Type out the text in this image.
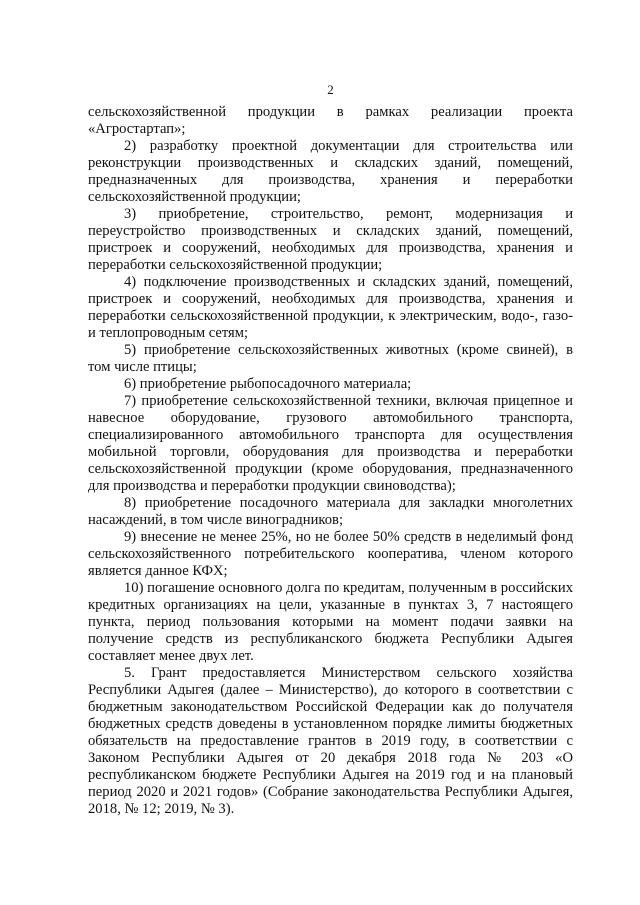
2

сельскохозяйственной продукции в рамках реализации проекта «Агростартап»;

2) разработку проектной документации для строительства или реконструкции производственных и складских зданий, помещений, предназначенных для производства, хранения и переработки сельскохозяйственной продукции;

3) приобретение, строительство, ремонт, модернизация и переустройство производственных и складских зданий, помещений, пристроек и сооружений, необходимых для производства, хранения и переработки сельскохозяйственной продукции;

4) подключение производственных и складских зданий, помещений, пристроек и сооружений, необходимых для производства, хранения и переработки сельскохозяйственной продукции, к электрическим, водо-, газо- и теплопроводным сетям;

5) приобретение сельскохозяйственных животных (кроме свиней), в том числе птицы;

6) приобретение рыбопосадочного материала;

7) приобретение сельскохозяйственной техники, включая прицепное и навесное оборудование, грузового автомобильного транспорта, специализированного автомобильного транспорта для осуществления мобильной торговли, оборудования для производства и переработки сельскохозяйственной продукции (кроме оборудования, предназначенного для производства и переработки продукции свиноводства);

8) приобретение посадочного материала для закладки многолетних насаждений, в том числе виноградников;

9) внесение не менее 25%, но не более 50% средств в неделимый фонд сельскохозяйственного потребительского кооператива, членом которого является данное КФХ;

10) погашение основного долга по кредитам, полученным в российских кредитных организациях на цели, указанные в пунктах 3, 7 настоящего пункта, период пользования которыми на момент подачи заявки на получение средств из республиканского бюджета Республики Адыгея составляет менее двух лет.

5. Грант предоставляется Министерством сельского хозяйства Республики Адыгея (далее – Министерство), до которого в соответствии с бюджетным законодательством Российской Федерации как до получателя бюджетных средств доведены в установленном порядке лимиты бюджетных обязательств на предоставление грантов в 2019 году, в соответствии с Законом Республики Адыгея от 20 декабря 2018 года № 203 «О республиканском бюджете Республики Адыгея на 2019 год и на плановый период 2020 и 2021 годов» (Собрание законодательства Республики Адыгея, 2018, № 12; 2019, № 3).
